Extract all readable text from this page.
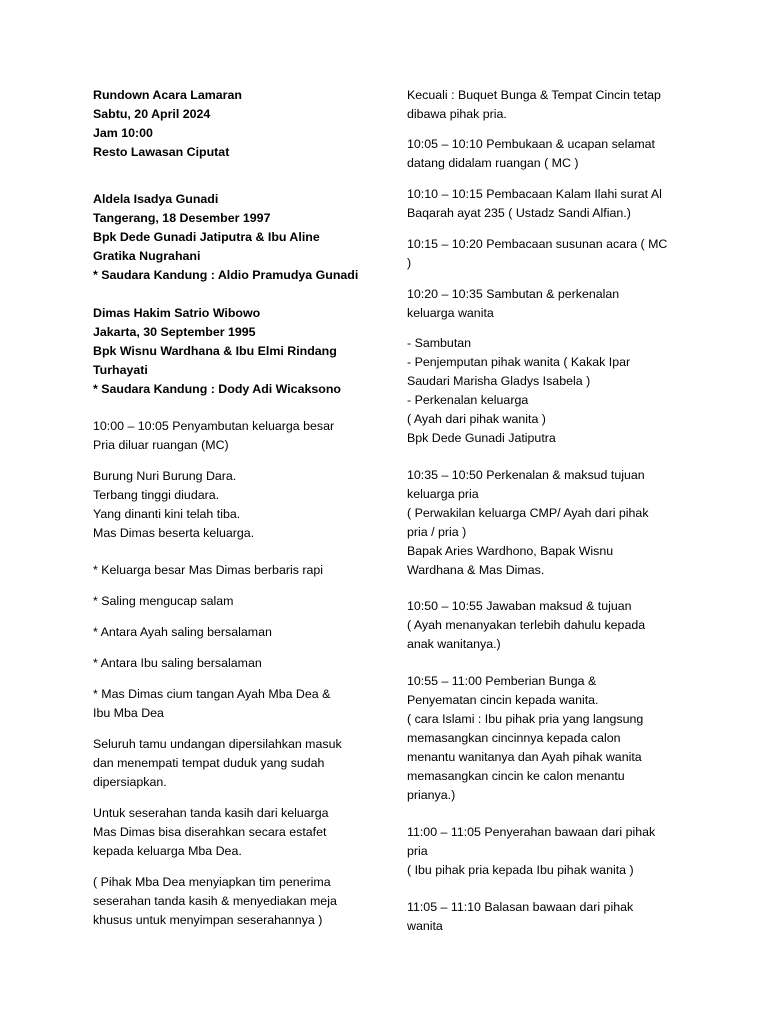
Rundown Acara Lamaran
Sabtu, 20 April 2024
Jam 10:00
Resto Lawasan Ciputat
Aldela Isadya Gunadi
Tangerang, 18 Desember 1997
Bpk Dede Gunadi Jatiputra & Ibu Aline
Gratika Nugrahani
* Saudara Kandung : Aldio Pramudya Gunadi
Dimas Hakim Satrio Wibowo
Jakarta, 30 September 1995
Bpk Wisnu Wardhana & Ibu Elmi Rindang
Turhayati
* Saudara Kandung : Dody Adi Wicaksono
10:00 – 10:05 Penyambutan keluarga besar
Pria diluar ruangan (MC)
Burung Nuri Burung Dara.
Terbang tinggi diudara.
Yang dinanti kini telah tiba.
Mas Dimas beserta keluarga.
* Keluarga besar Mas Dimas berbaris rapi
* Saling mengucap salam
* Antara Ayah saling bersalaman
* Antara Ibu saling bersalaman
* Mas Dimas cium tangan Ayah Mba Dea &
Ibu Mba Dea
Seluruh tamu undangan dipersilahkan masuk
dan menempati tempat duduk yang sudah
dipersiapkan.
Untuk seserahan tanda kasih dari keluarga
Mas Dimas bisa diserahkan secara estafet
kepada keluarga Mba Dea.
( Pihak Mba Dea menyiapkan tim penerima
seserahan tanda kasih & menyediakan meja
khusus untuk menyimpan seserahannya )
Kecuali : Buquet Bunga & Tempat Cincin tetap
dibawa pihak pria.
10:05 – 10:10 Pembukaan & ucapan selamat
datang didalam ruangan ( MC )
10:10 – 10:15 Pembacaan Kalam Ilahi surat Al
Baqarah ayat 235 ( Ustadz Sandi Alfian.)
10:15 – 10:20 Pembacaan susunan acara ( MC
)
10:20 – 10:35 Sambutan & perkenalan
keluarga wanita
- Sambutan
- Penjemputan pihak wanita ( Kakak Ipar
Saudari Marisha Gladys Isabela )
- Perkenalan keluarga
( Ayah dari pihak wanita )
Bpk Dede Gunadi Jatiputra
10:35 – 10:50 Perkenalan & maksud tujuan
keluarga pria
( Perwakilan keluarga CMP/ Ayah dari pihak
pria / pria )
Bapak Aries Wardhono, Bapak Wisnu
Wardhana & Mas Dimas.
10:50 – 10:55 Jawaban maksud & tujuan
( Ayah menanyakan terlebih dahulu kepada
anak wanitanya.)
10:55 – 11:00 Pemberian Bunga &
Penyematan cincin kepada wanita.
( cara Islami : Ibu pihak pria yang langsung
memasangkan cincinnya kepada calon
menantu wanitanya dan Ayah pihak wanita
memasangkan cincin ke calon menantu
prianya.)
11:00 – 11:05 Penyerahan bawaan dari pihak
pria
( Ibu pihak pria kepada Ibu pihak wanita )
11:05 – 11:10 Balasan bawaan dari pihak
wanita
